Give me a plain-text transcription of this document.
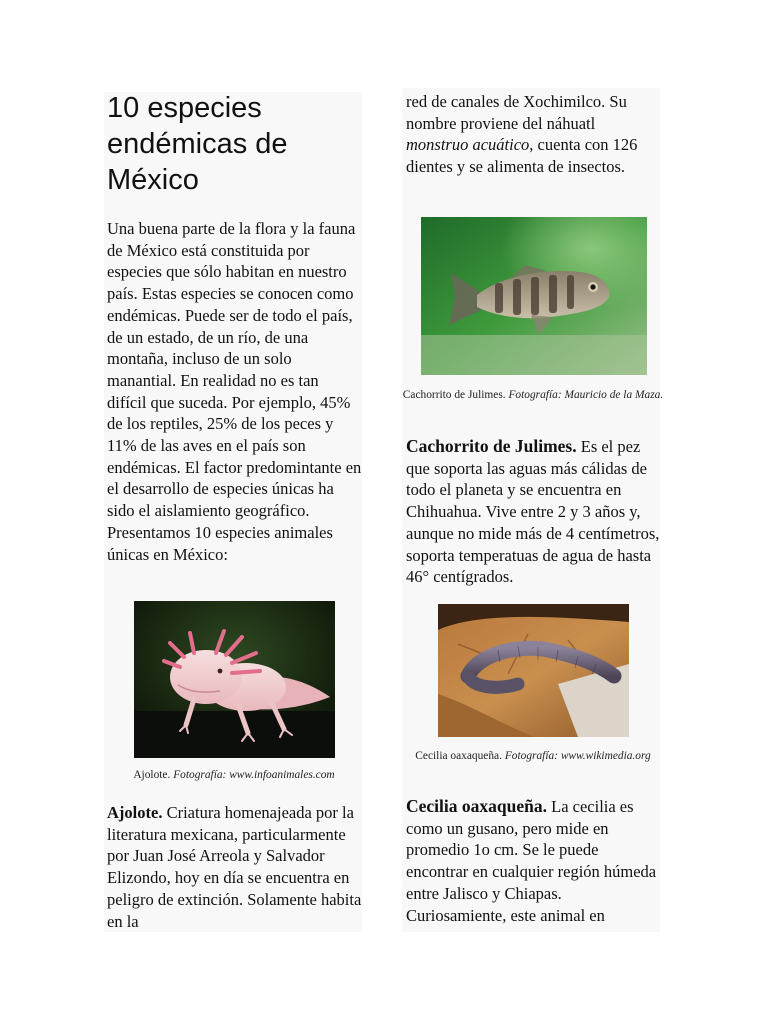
10 especies endémicas de México

Una buena parte de la flora y la fauna de México está constituida por especies que sólo habitan en nuestro país. Estas especies se conocen como endémicas. Puede ser de todo el país, de un estado, de un río, de una montaña, incluso de un solo manantial. En realidad no es tan difícil que suceda. Por ejemplo, 45% de los reptiles, 25% de los peces y 11% de las aves en el país son endémicas. El factor predomintante en el desarrollo de especies únicas ha sido el aislamiento geográfico. Presentamos 10 especies animales únicas en México:

Ajolote. Fotografía: www.infoanimales.com

Ajolote. Criatura homenajeada por la literatura mexicana, particularmente por Juan José Arreola y Salvador Elizondo, hoy en día se encuentra en peligro de extinción. Solamente habita en la

red de canales de Xochimilco. Su nombre proviene del náhuatl monstruo acuático, cuenta con 126 dientes y se alimenta de insectos.

Cachorrito de Julimes. Fotografía: Mauricio de la Maza.

Cachorrito de Julimes. Es el pez que soporta las aguas más cálidas de todo el planeta y se encuentra en Chihuahua. Vive entre 2 y 3 años y, aunque no mide más de 4 centímetros, soporta temperatuas de agua de hasta 46° centígrados.

Cecilia oaxaqueña. Fotografía: www.wikimedia.org

Cecilia oaxaqueña. La cecilia es como un gusano, pero mide en promedio 1o cm. Se le puede encontrar en cualquier región húmeda entre Jalisco y Chiapas. Curiosamiente, este animal en
